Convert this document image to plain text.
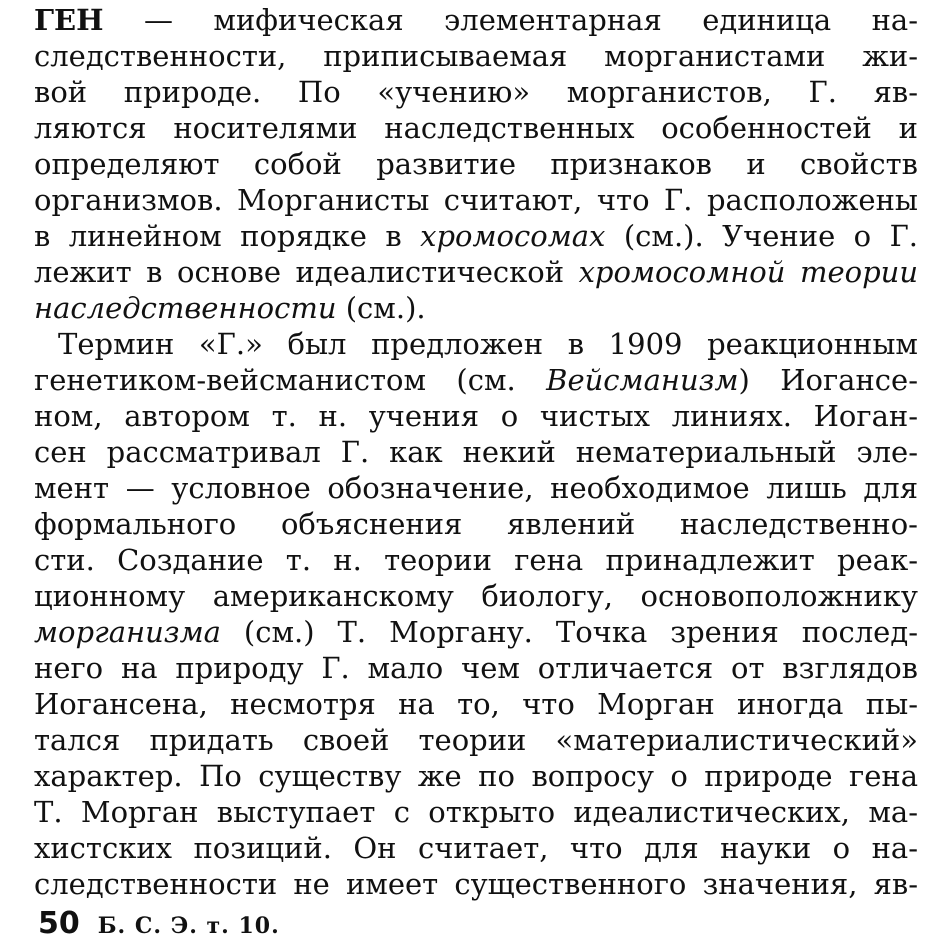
ГЕН — мифическая элементарная единица на-
следственности, приписываемая морганистами жи-
вой природе. По «учению» морганистов, Г. яв-
ляются носителями наследственных особенностей и
определяют собой развитие признаков и свойств
организмов. Морганисты считают, что Г. расположены
в линейном порядке в хромосомах (см.). Учение о Г.
лежит в основе идеалистической хромосомной теории
наследственности (см.).
Термин «Г.» был предложен в 1909 реакционным
генетиком-вейсманистом (см. Вейсманизм) Иогансе-
ном, автором т. н. учения о чистых линиях. Иоган-
сен рассматривал Г. как некий нематериальный эле-
мент — условное обозначение, необходимое лишь для
формального объяснения явлений наследственно-
сти. Создание т. н. теории гена принадлежит реак-
ционному американскому биологу, основоположнику
морганизма (см.) Т. Моргану. Точка зрения послед-
него на природу Г. мало чем отличается от взглядов
Иогансена, несмотря на то, что Морган иногда пы-
тался придать своей теории «материалистический»
характер. По существу же по вопросу о природе гена
Т. Морган выступает с открыто идеалистических, ма-
хистских позиций. Он считает, что для науки о на-
следственности не имеет существенного значения, яв-
50 Б. С. Э. т. 10.
